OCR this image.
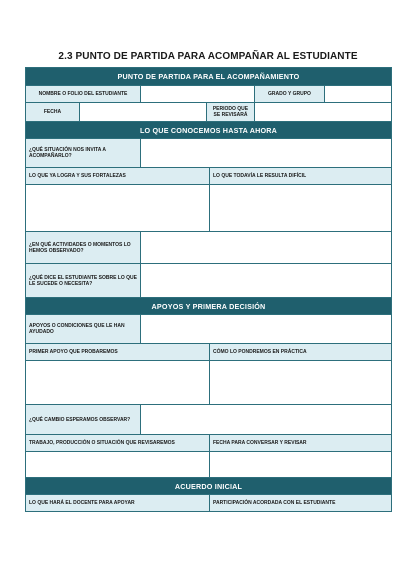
2.3 PUNTO DE PARTIDA PARA ACOMPAÑAR AL ESTUDIANTE
PUNTO DE PARTIDA PARA EL ACOMPAÑAMIENTO
NOMBRE O FOLIO DEL ESTUDIANTE	GRADO Y GRUPO
FECHA	PERIODO QUE SE REVISARÁ
LO QUE CONOCEMOS HASTA AHORA
¿QUÉ SITUACIÓN NOS INVITA A ACOMPAÑARLO?
LO QUE YA LOGRA Y SUS FORTALEZAS	LO QUE TODAVÍA LE RESULTA DIFÍCIL
¿EN QUÉ ACTIVIDADES O MOMENTOS LO HEMOS OBSERVADO?
¿QUÉ DICE EL ESTUDIANTE SOBRE LO QUE LE SUCEDE O NECESITA?
APOYOS Y PRIMERA DECISIÓN
APOYOS O CONDICIONES QUE LE HAN AYUDADO
PRIMER APOYO QUE PROBAREMOS	CÓMO LO PONDREMOS EN PRÁCTICA
¿QUÉ CAMBIO ESPERAMOS OBSERVAR?
TRABAJO, PRODUCCIÓN O SITUACIÓN QUE REVISAREMOS	FECHA PARA CONVERSAR Y REVISAR
ACUERDO INICIAL
LO QUE HARÁ EL DOCENTE PARA APOYAR	PARTICIPACIÓN ACORDADA CON EL ESTUDIANTE
